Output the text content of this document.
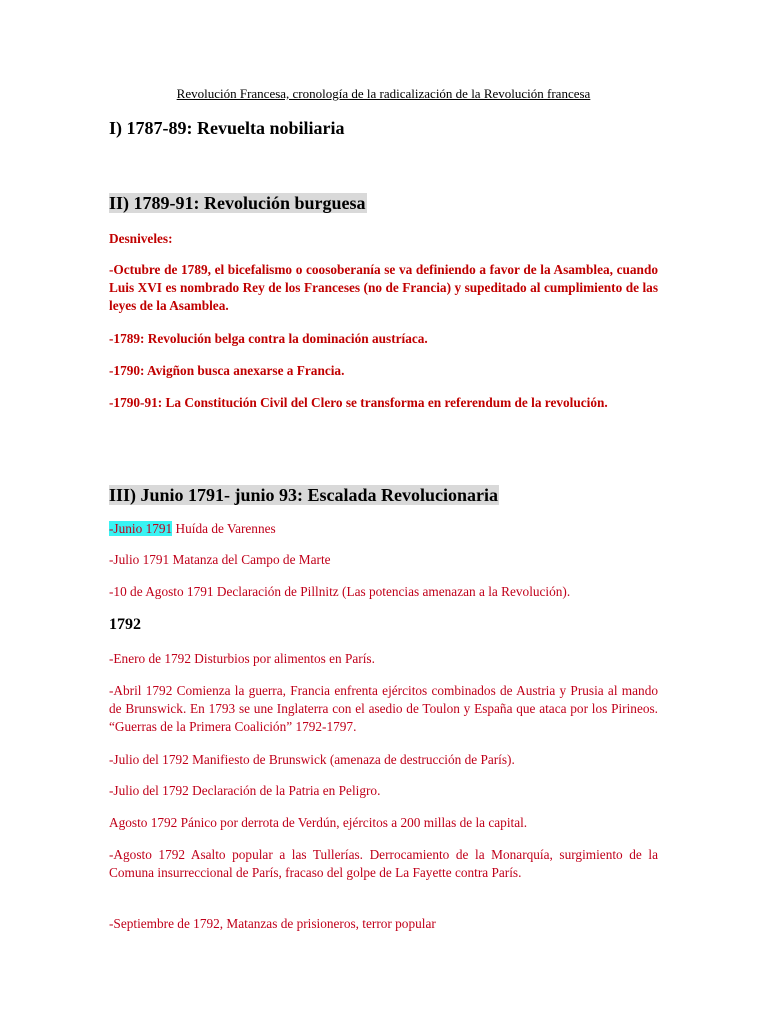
Revolución Francesa, cronología de la radicalización de la Revolución francesa
I) 1787-89: Revuelta nobiliaria
II) 1789-91: Revolución burguesa
Desniveles:
-Octubre de 1789, el bicefalismo o coosoberanía se va definiendo a favor de la Asamblea, cuando Luis XVI es nombrado Rey de los Franceses (no de Francia) y supeditado al cumplimiento de las leyes de la Asamblea.
-1789: Revolución belga contra la dominación austríaca.
-1790: Avigñon busca anexarse a Francia.
-1790-91: La Constitución Civil del Clero se transforma en referendum de la revolución.
III) Junio 1791- junio 93: Escalada Revolucionaria
-Junio 1791 Huída de Varennes
-Julio 1791 Matanza del Campo de Marte
-10 de Agosto 1791 Declaración de Pillnitz (Las potencias amenazan a la Revolución).
1792
-Enero de 1792 Disturbios por alimentos en París.
-Abril 1792 Comienza la guerra, Francia enfrenta ejércitos combinados de Austria y Prusia al mando de Brunswick. En 1793 se une Inglaterra con el asedio de Toulon y España que ataca por los Pirineos. “Guerras de la Primera Coalición” 1792-1797.
-Julio del 1792 Manifiesto de Brunswick (amenaza de destrucción de París).
-Julio del 1792 Declaración de la Patria en Peligro.
Agosto 1792 Pánico por derrota de Verdún, ejércitos a 200 millas de la capital.
-Agosto 1792 Asalto popular a las Tullerías. Derrocamiento de la Monarquía, surgimiento de la Comuna insurreccional de París, fracaso del golpe de La Fayette contra París.
-Septiembre de 1792, Matanzas de prisioneros, terror popular
